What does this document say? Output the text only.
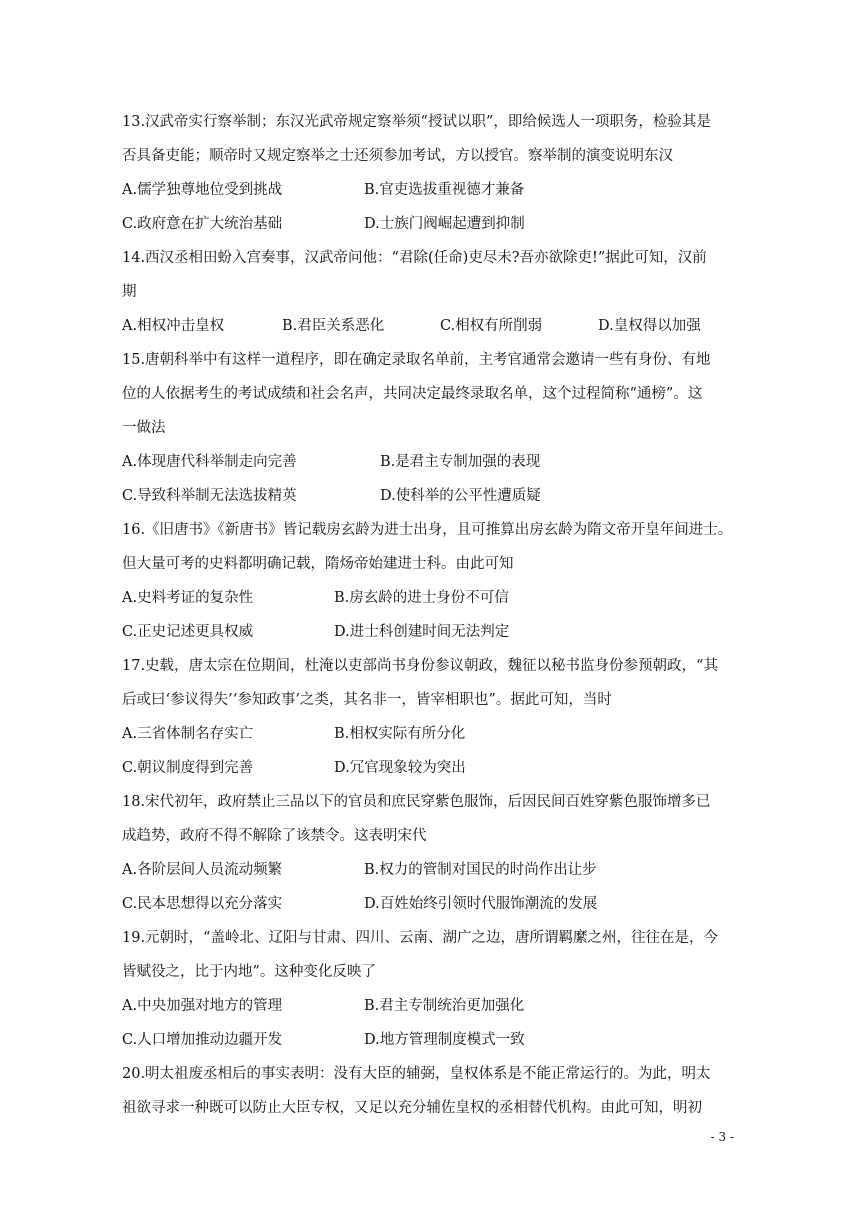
13.汉武帝实行察举制；东汉光武帝规定察举须“授试以职”，即给候选人一项职务，检验其是
否具备吏能；顺帝时又规定察举之士还须参加考试，方以授官。察举制的演变说明东汉
A.儒学独尊地位受到挑战	B.官吏选拔重视德才兼备
C.政府意在扩大统治基础	D.士族门阀崛起遭到抑制
14.西汉丞相田蚡入宫奏事，汉武帝问他：“君除(任命)吏尽未?吾亦欲除吏!”据此可知，汉前
期
A.相权冲击皇权	B.君臣关系恶化	C.相权有所削弱	D.皇权得以加强
15.唐朝科举中有这样一道程序，即在确定录取名单前，主考官通常会邀请一些有身份、有地
位的人依据考生的考试成绩和社会名声，共同决定最终录取名单，这个过程简称“通榜”。这
一做法
A.体现唐代科举制走向完善	B.是君主专制加强的表现
C.导致科举制无法选拔精英	D.使科举的公平性遭质疑
16.《旧唐书》《新唐书》皆记载房玄龄为进士出身，且可推算出房玄龄为隋文帝开皇年间进士。
但大量可考的史料都明确记载，隋炀帝始建进士科。由此可知
A.史料考证的复杂性	B.房玄龄的进士身份不可信
C.正史记述更具权威	D.进士科创建时间无法判定
17.史载，唐太宗在位期间，杜淹以吏部尚书身份参议朝政，魏征以秘书监身份参预朝政，“其
后或曰‘参议得失’‘参知政事’之类，其名非一，皆宰相职也”。据此可知，当时
A.三省体制名存实亡	B.相权实际有所分化
C.朝议制度得到完善	D.冗官现象较为突出
18.宋代初年，政府禁止三品以下的官员和庶民穿紫色服饰，后因民间百姓穿紫色服饰增多已
成趋势，政府不得不解除了该禁令。这表明宋代
A.各阶层间人员流动频繁	B.权力的管制对国民的时尚作出让步
C.民本思想得以充分落实	D.百姓始终引领时代服饰潮流的发展
19.元朝时，“盖岭北、辽阳与甘肃、四川、云南、湖广之边，唐所谓羁縻之州，往往在是，今
皆赋役之，比于内地”。这种变化反映了
A.中央加强对地方的管理	B.君主专制统治更加强化
C.人口增加推动边疆开发	D.地方管理制度模式一致
20.明太祖废丞相后的事实表明：没有大臣的辅弼，皇权体系是不能正常运行的。为此，明太
祖欲寻求一种既可以防止大臣专权，又足以充分辅佐皇权的丞相替代机构。由此可知，明初
- 3 -
